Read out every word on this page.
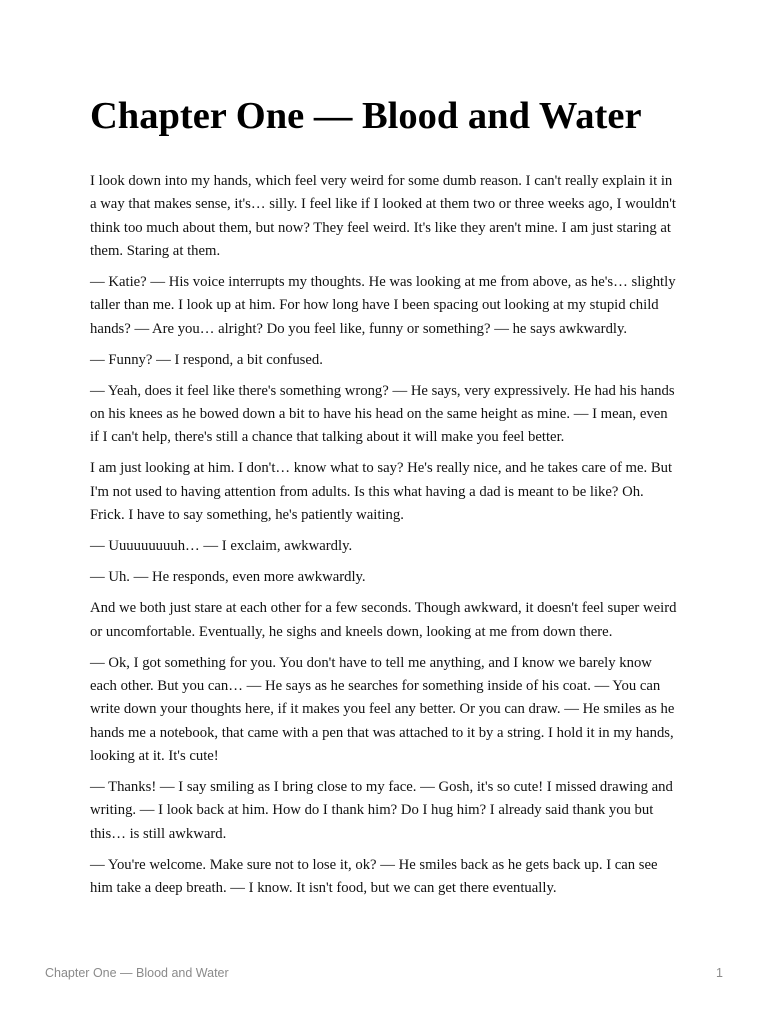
Chapter One — Blood and Water

I look down into my hands, which feel very weird for some dumb reason. I can't really explain it in a way that makes sense, it's… silly. I feel like if I looked at them two or three weeks ago, I wouldn't think too much about them, but now? They feel weird. It's like they aren't mine. I am just staring at them. Staring at them.

— Katie? — His voice interrupts my thoughts. He was looking at me from above, as he's… slightly taller than me. I look up at him. For how long have I been spacing out looking at my stupid child hands? — Are you… alright? Do you feel like, funny or something? — he says awkwardly.

— Funny? — I respond, a bit confused.

— Yeah, does it feel like there's something wrong? — He says, very expressively. He had his hands on his knees as he bowed down a bit to have his head on the same height as mine. — I mean, even if I can't help, there's still a chance that talking about it will make you feel better.

I am just looking at him. I don't… know what to say? He's really nice, and he takes care of me. But I'm not used to having attention from adults. Is this what having a dad is meant to be like? Oh. Frick. I have to say something, he's patiently waiting.

— Uuuuuuuuuh… — I exclaim, awkwardly.

— Uh. — He responds, even more awkwardly.

And we both just stare at each other for a few seconds. Though awkward, it doesn't feel super weird or uncomfortable. Eventually, he sighs and kneels down, looking at me from down there.

— Ok, I got something for you. You don't have to tell me anything, and I know we barely know each other. But you can… — He says as he searches for something inside of his coat. — You can write down your thoughts here, if it makes you feel any better. Or you can draw. — He smiles as he hands me a notebook, that came with a pen that was attached to it by a string. I hold it in my hands, looking at it. It's cute!

— Thanks! — I say smiling as I bring close to my face. — Gosh, it's so cute! I missed drawing and writing. — I look back at him. How do I thank him? Do I hug him? I already said thank you but this… is still awkward.

— You're welcome. Make sure not to lose it, ok? — He smiles back as he gets back up. I can see him take a deep breath. — I know. It isn't food, but we can get there eventually.

Chapter One — Blood and Water	1
